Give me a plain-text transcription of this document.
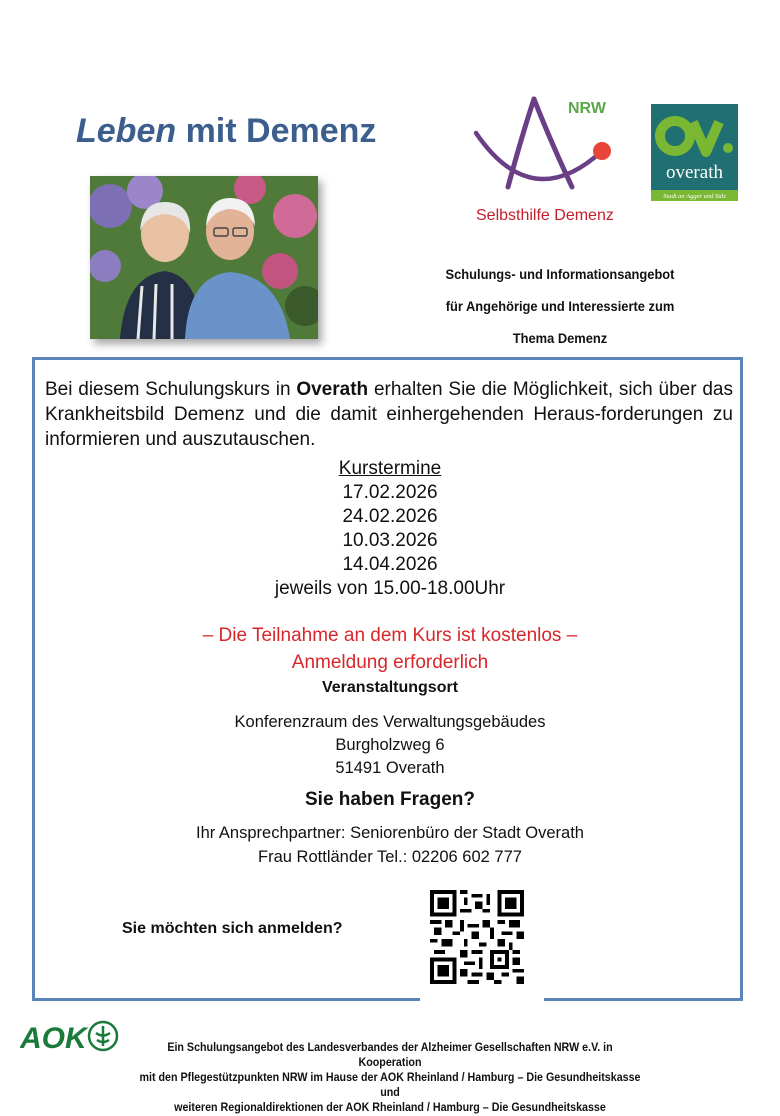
Leben mit Demenz
NRW
Selbsthilfe Demenz
overath
Stadt an Agger und Sülz
Schulungs- und Informationsangebot
für Angehörige und Interessierte zum
Thema Demenz
Bei diesem Schulungskurs in Overath erhalten Sie die Möglichkeit, sich über das Krankheitsbild Demenz und die damit einhergehenden Heraus-forderungen zu informieren und auszutauschen.
Kurstermine
17.02.2026
24.02.2026
10.03.2026
14.04.2026
jeweils von 15.00-18.00Uhr
– Die Teilnahme an dem Kurs ist kostenlos –
Anmeldung erforderlich
Veranstaltungsort
Konferenzraum des Verwaltungsgebäudes
Burgholzweg 6
51491 Overath
Sie haben Fragen?
Ihr Ansprechpartner: Seniorenbüro der Stadt Overath
Frau Rottländer Tel.: 02206 602 777
Sie möchten sich anmelden?
AOK	Ein Schulungsangebot des Landesverbandes der Alzheimer Gesellschaften NRW e.V. in Kooperation
mit den Pflegestützpunkten NRW im Hause der AOK Rheinland / Hamburg – Die Gesundheitskasse und
weiteren Regionaldirektionen der AOK Rheinland / Hamburg – Die Gesundheitskasse
